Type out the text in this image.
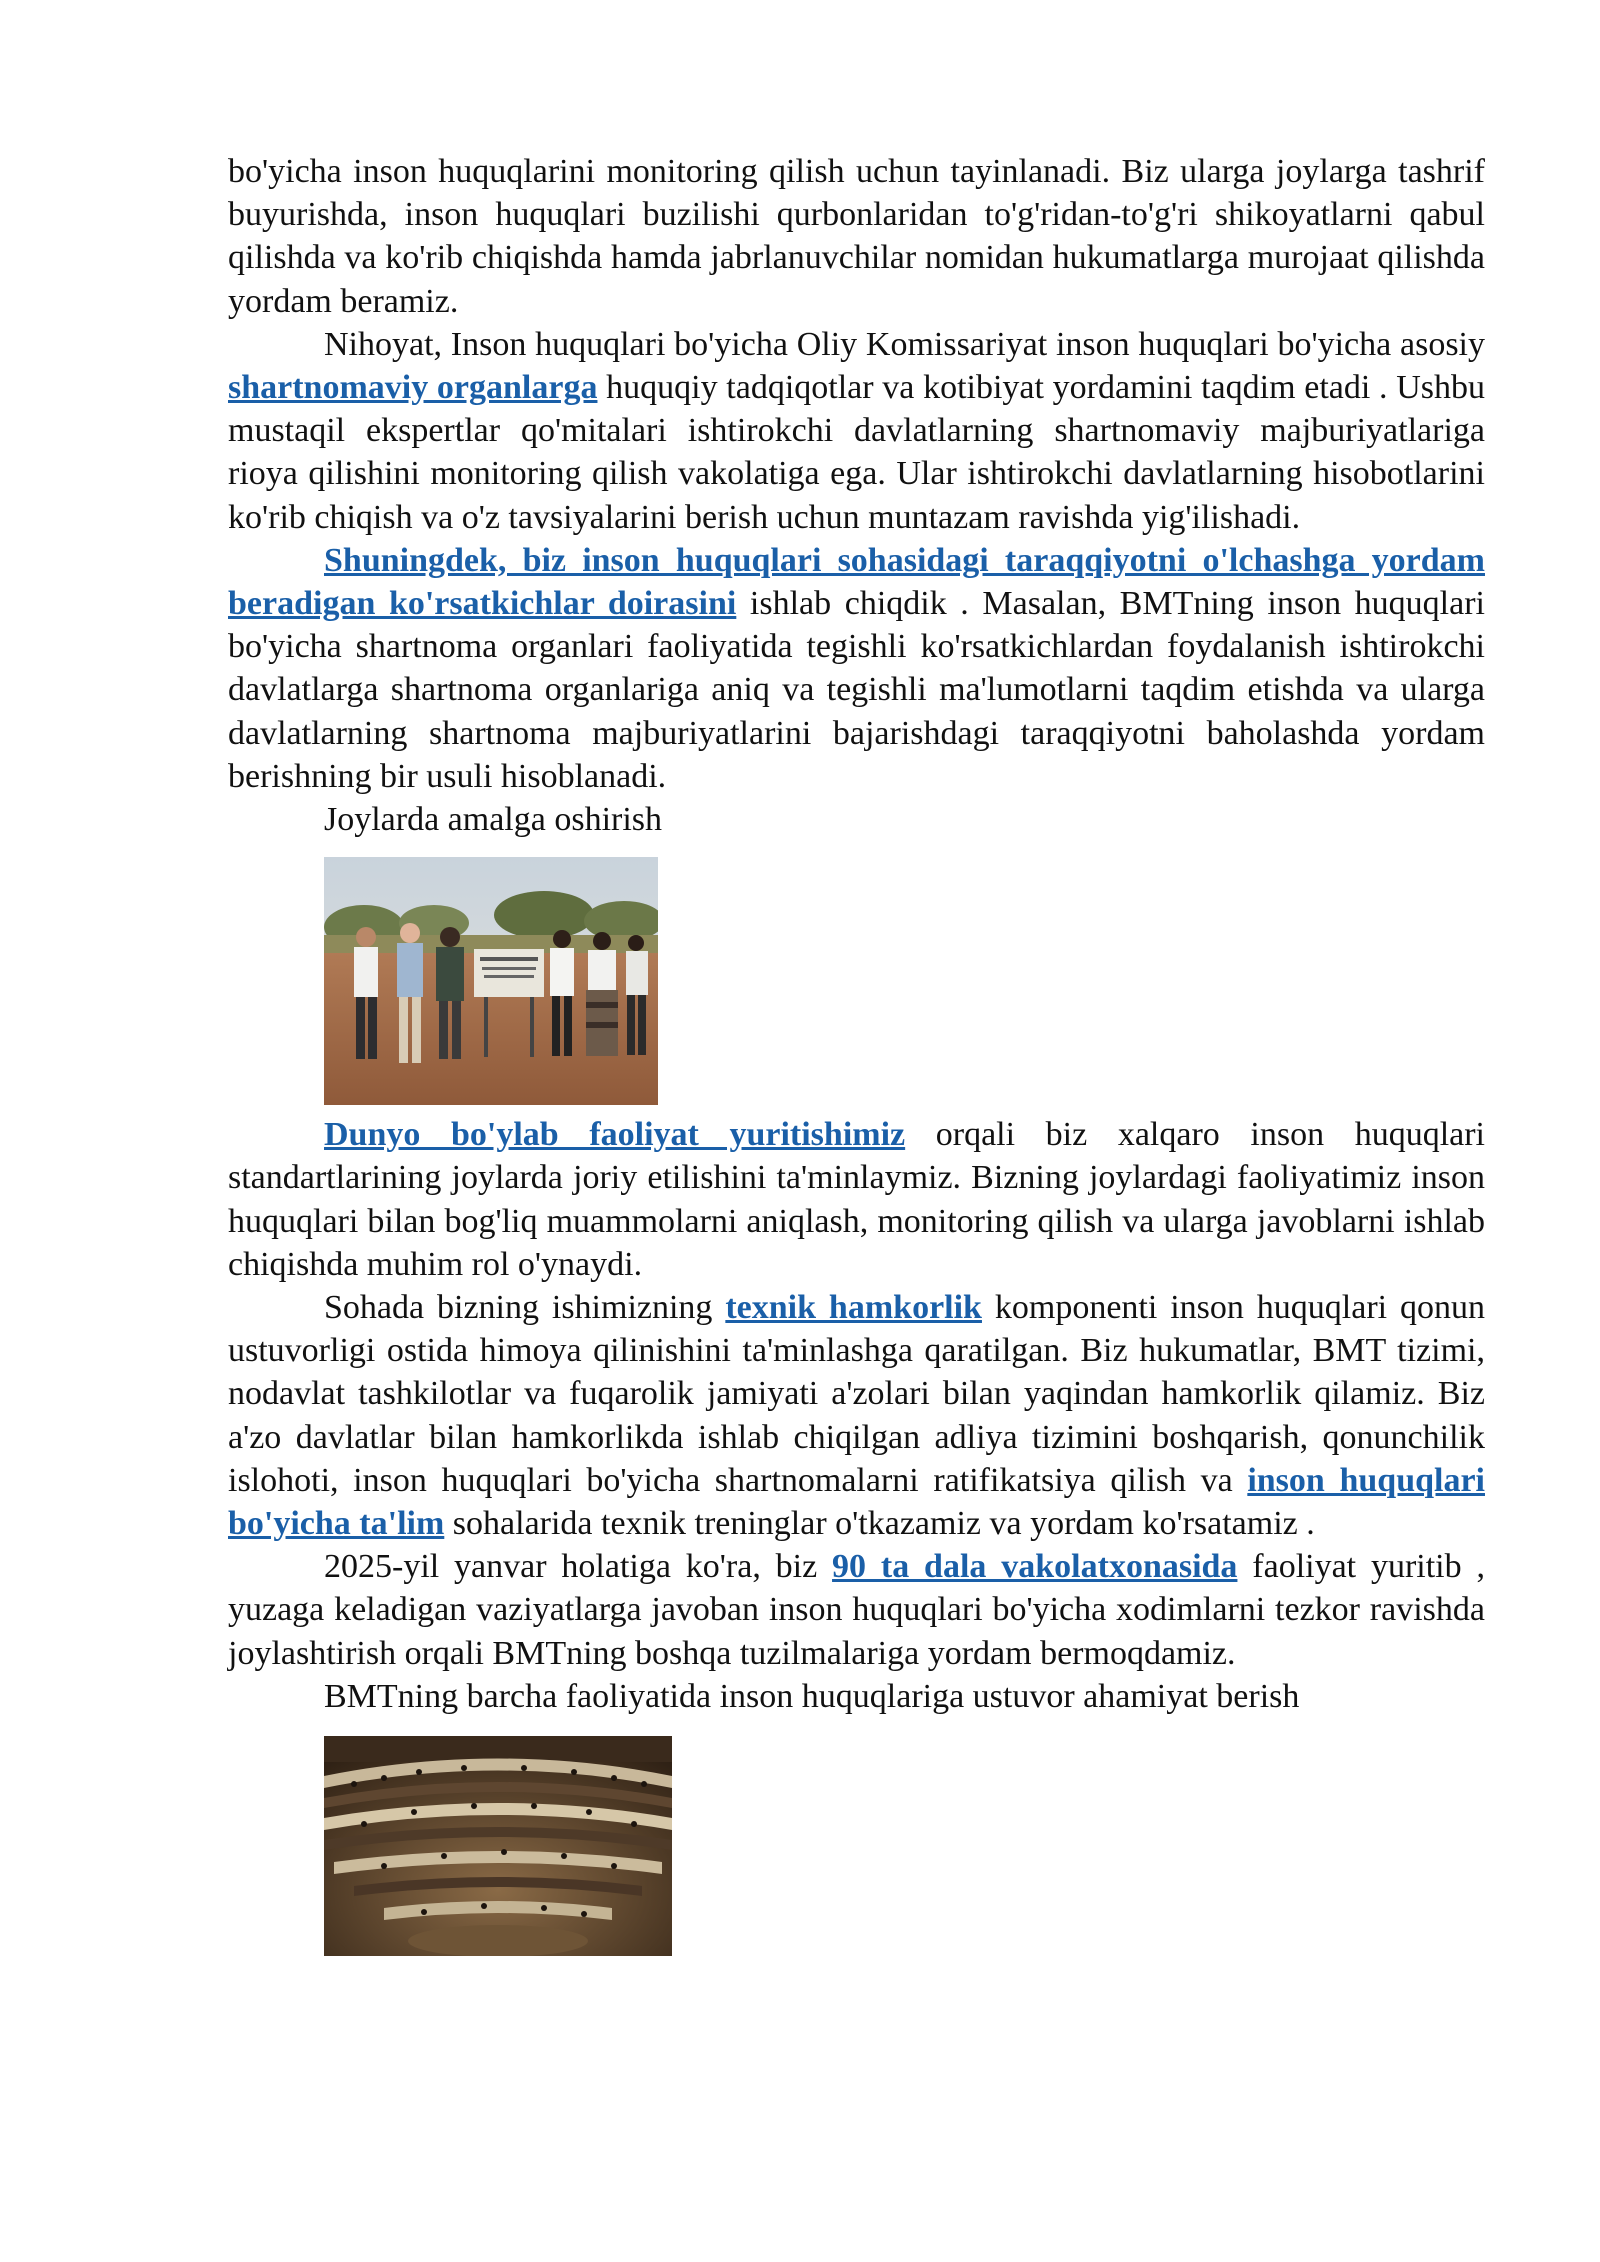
bo'yicha inson huquqlarini monitoring qilish uchun tayinlanadi. Biz ularga joylarga tashrif buyurishda, inson huquqlari buzilishi qurbonlaridan to'g'ridan-to'g'ri shikoyatlarni qabul qilishda va ko'rib chiqishda hamda jabrlanuvchilar nomidan hukumatlarga murojaat qilishda yordam beramiz.

Nihoyat, Inson huquqlari bo'yicha Oliy Komissariyat inson huquqlari bo'yicha asosiy shartnomaviy organlarga huquqiy tadqiqotlar va kotibiyat yordamini taqdim etadi . Ushbu mustaqil ekspertlar qo'mitalari ishtirokchi davlatlarning shartnomaviy majburiyatlariga rioya qilishini monitoring qilish vakolatiga ega. Ular ishtirokchi davlatlarning hisobotlarini ko'rib chiqish va o'z tavsiyalarini berish uchun muntazam ravishda yig'ilishadi.

Shuningdek, biz inson huquqlari sohasidagi taraqqiyotni o'lchashga yordam beradigan ko'rsatkichlar doirasini ishlab chiqdik . Masalan, BMTning inson huquqlari bo'yicha shartnoma organlari faoliyatida tegishli ko'rsatkichlardan foydalanish ishtirokchi davlatlarga shartnoma organlariga aniq va tegishli ma'lumotlarni taqdim etishda va ularga davlatlarning shartnoma majburiyatlarini bajarishdagi taraqqiyotni baholashda yordam berishning bir usuli hisoblanadi.

Joylarda amalga oshirish

Dunyo bo'ylab faoliyat yuritishimiz orqali biz xalqaro inson huquqlari standartlarining joylarda joriy etilishini ta'minlaymiz. Bizning joylardagi faoliyatimiz inson huquqlari bilan bog'liq muammolarni aniqlash, monitoring qilish va ularga javoblarni ishlab chiqishda muhim rol o'ynaydi.

Sohada bizning ishimizning texnik hamkorlik komponenti inson huquqlari qonun ustuvorligi ostida himoya qilinishini ta'minlashga qaratilgan. Biz hukumatlar, BMT tizimi, nodavlat tashkilotlar va fuqarolik jamiyati a'zolari bilan yaqindan hamkorlik qilamiz. Biz a'zo davlatlar bilan hamkorlikda ishlab chiqilgan adliya tizimini boshqarish, qonunchilik islohoti, inson huquqlari bo'yicha shartnomalarni ratifikatsiya qilish va inson huquqlari bo'yicha ta'lim sohalarida texnik treninglar o'tkazamiz va yordam ko'rsatamiz .

2025-yil yanvar holatiga ko'ra, biz 90 ta dala vakolatxonasida faoliyat yuritib , yuzaga keladigan vaziyatlarga javoban inson huquqlari bo'yicha xodimlarni tezkor ravishda joylashtirish orqali BMTning boshqa tuzilmalariga yordam bermoqdamiz.

BMTning barcha faoliyatida inson huquqlariga ustuvor ahamiyat berish
